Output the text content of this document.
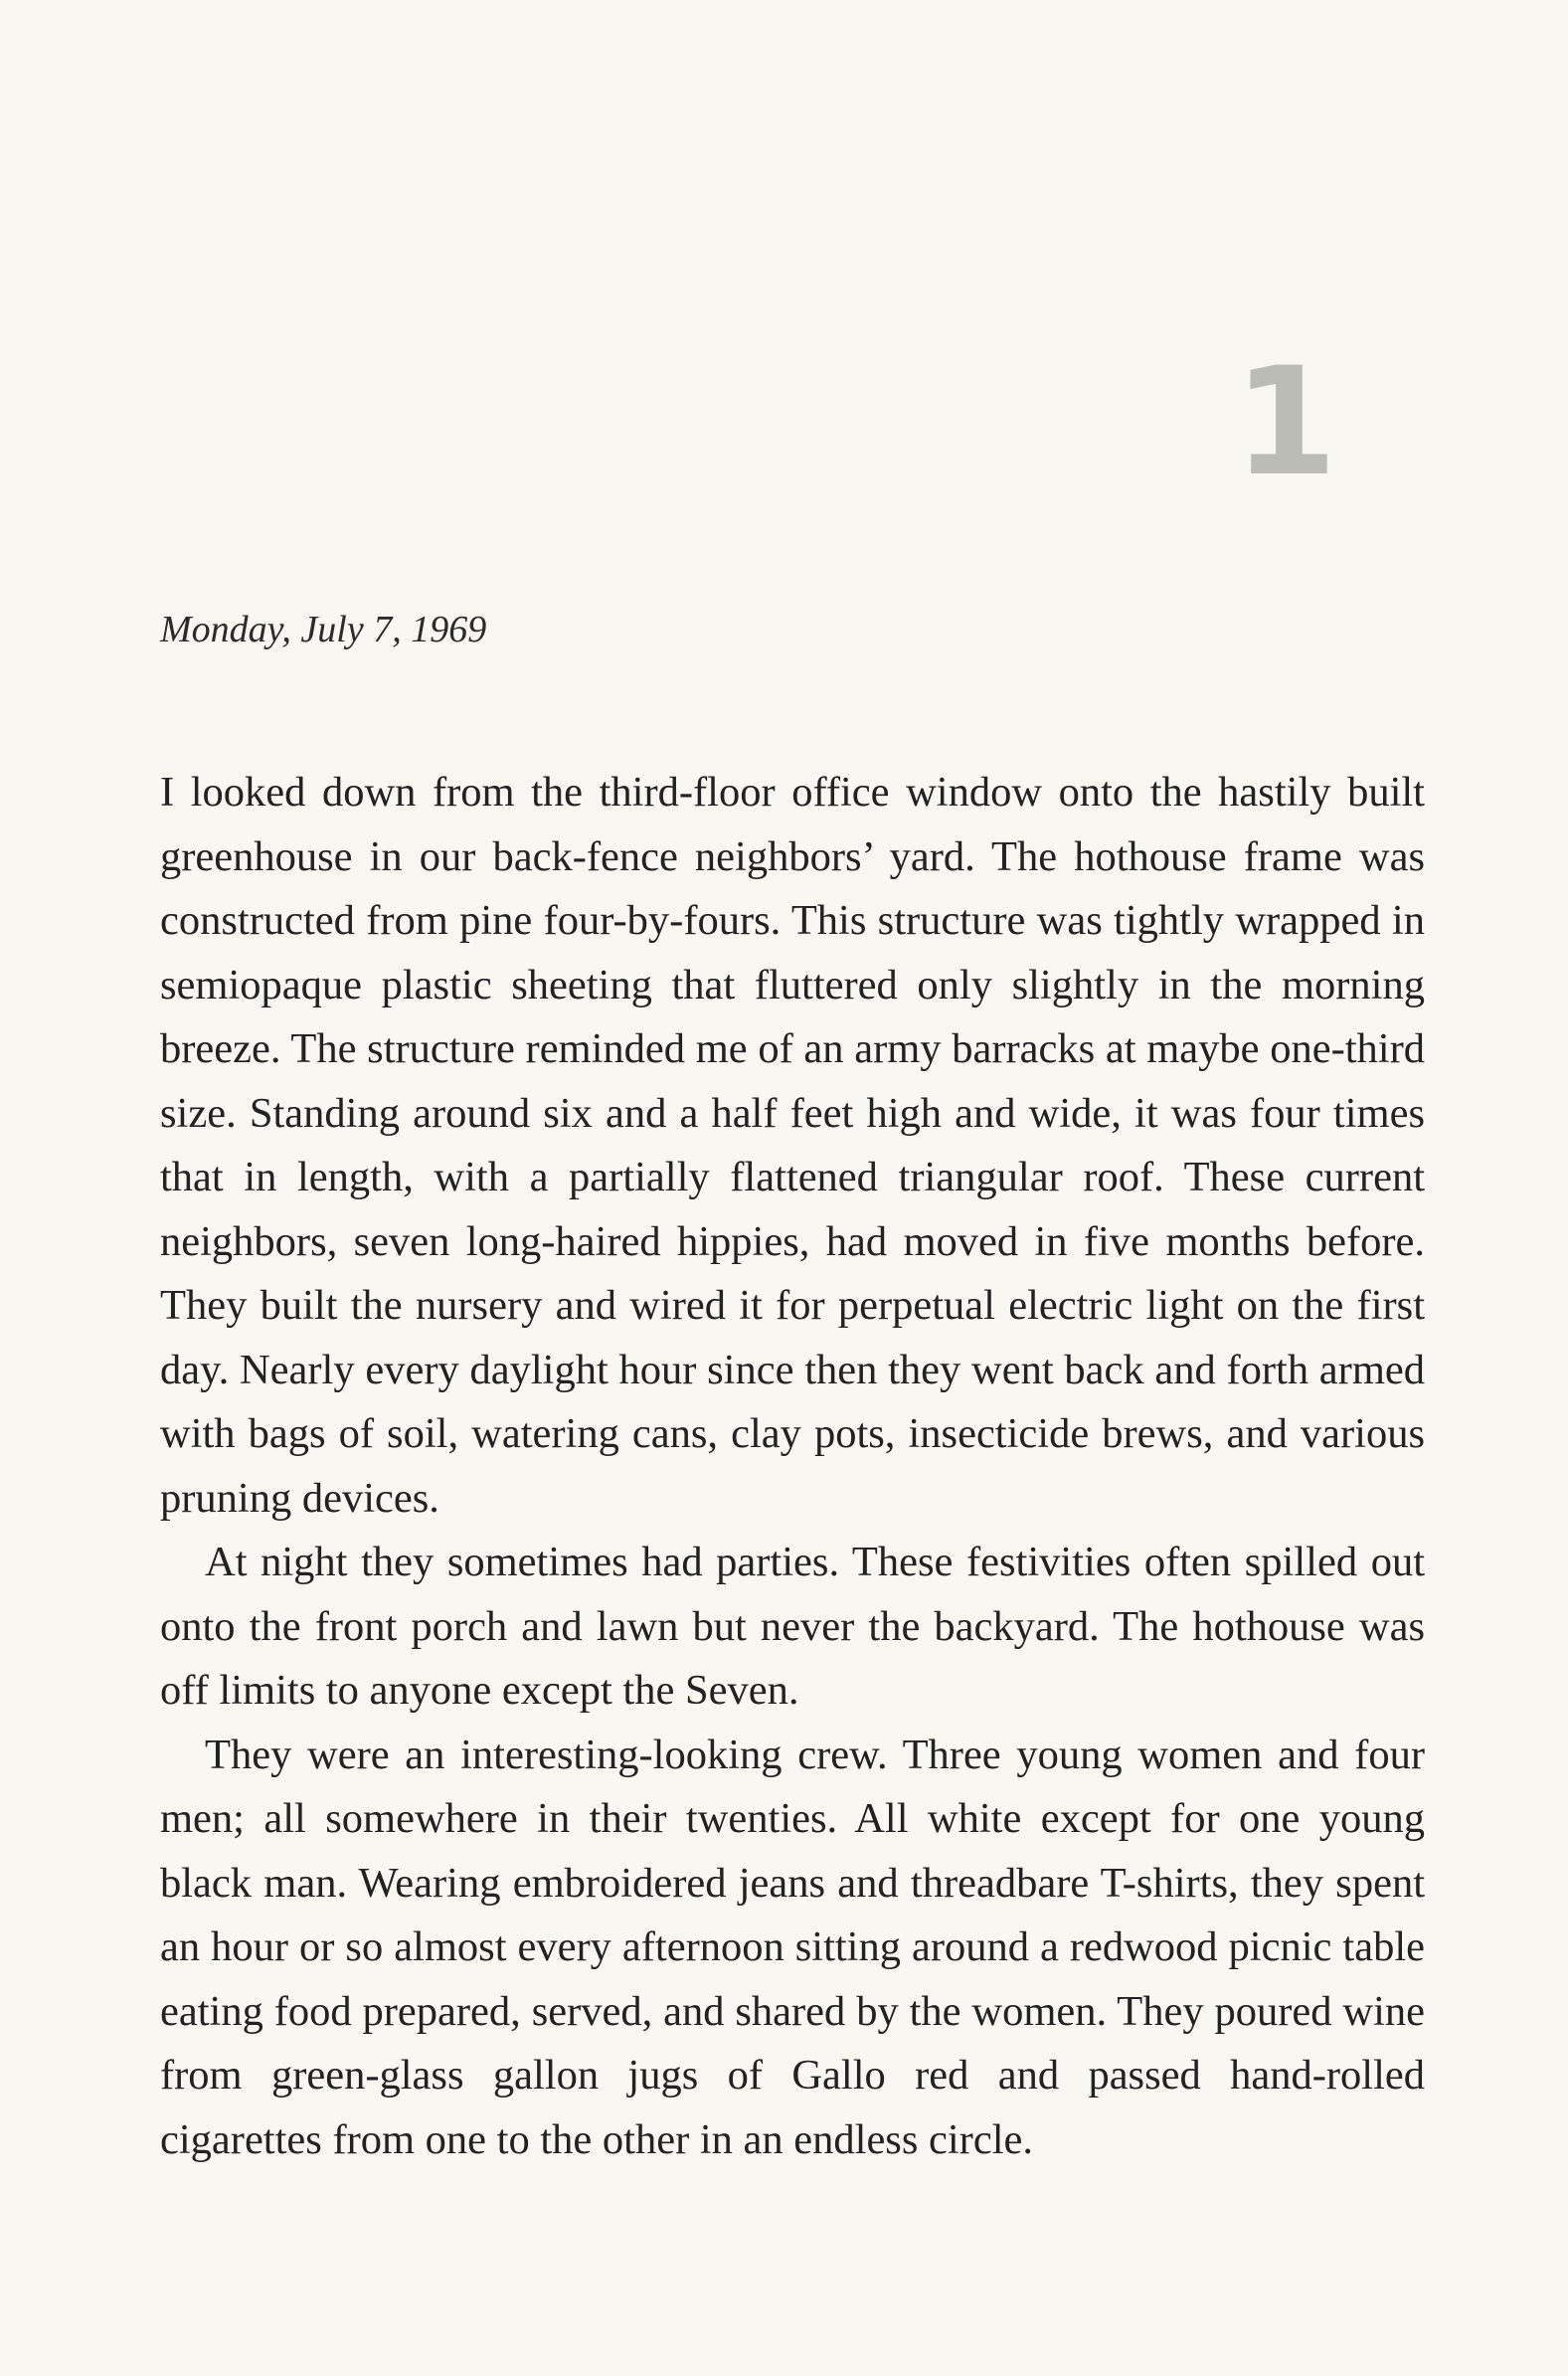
1
Monday, July 7, 1969

I looked down from the third-floor office window onto the hastily built greenhouse in our back-fence neighbors’ yard. The hothouse frame was constructed from pine four-by-fours. This structure was tightly wrapped in semiopaque plastic sheeting that fluttered only slightly in the morning breeze. The structure reminded me of an army barracks at maybe one-third size. Standing around six and a half feet high and wide, it was four times that in length, with a partially flattened triangular roof. These current neighbors, seven long-haired hippies, had moved in five months before. They built the nursery and wired it for perpetual electric light on the first day. Nearly every daylight hour since then they went back and forth armed with bags of soil, watering cans, clay pots, insecticide brews, and various pruning devices.

At night they sometimes had parties. These festivities often spilled out onto the front porch and lawn but never the backyard. The hothouse was off limits to anyone except the Seven.

They were an interesting-looking crew. Three young women and four men; all somewhere in their twenties. All white except for one young black man. Wearing embroidered jeans and threadbare T-shirts, they spent an hour or so almost every afternoon sitting around a redwood picnic table eating food prepared, served, and shared by the women. They poured wine from green-glass gallon jugs of Gallo red and passed hand-rolled cigarettes from one to the other in an endless circle.
